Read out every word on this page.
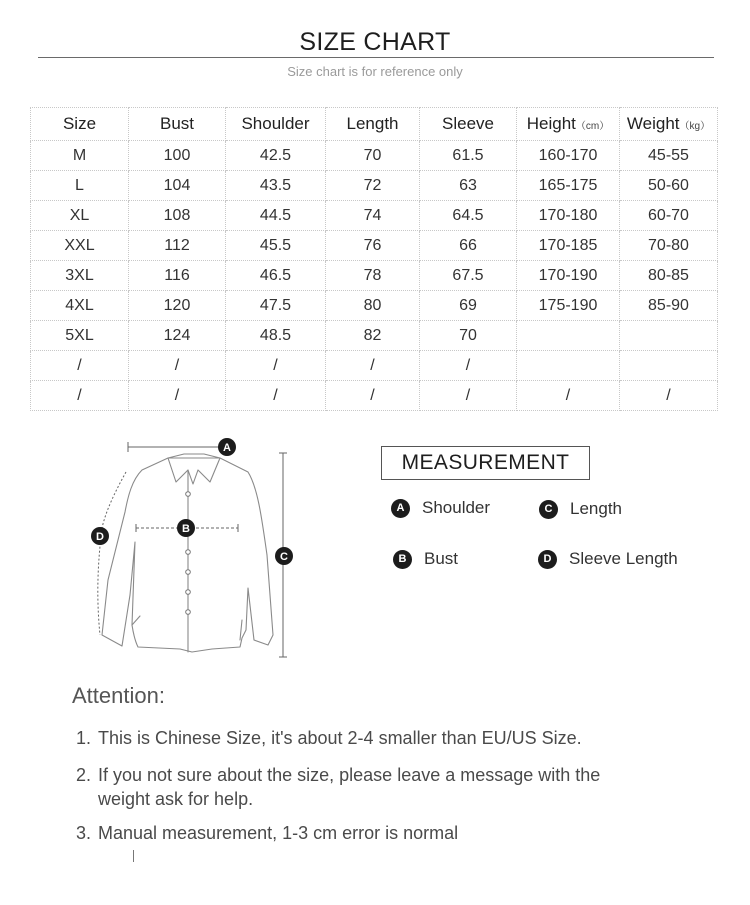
SIZE CHART
Size chart is for reference only
Size	Bust	Shoulder	Length	Sleeve	Height（cm）	Weight（kg）
M	100	42.5	70	61.5	160-170	45-55
L	104	43.5	72	63	165-175	50-60
XL	108	44.5	74	64.5	170-180	60-70
XXL	112	45.5	76	66	170-185	70-80
3XL	116	46.5	78	67.5	170-190	80-85
4XL	120	47.5	80	69	175-190	85-90
5XL	124	48.5	82	70		
/	/	/	/	/		
/	/	/	/	/	/	/
A
B
C
D
MEASUREMENT
A	Shoulder	C	Length
B	Bust	D	Sleeve Length
Attention:
1. This is Chinese Size, it's about 2-4 smaller than EU/US Size.
2. If you not sure about the size, please leave a message with the
weight ask for help.
3. Manual measurement, 1-3 cm error is normal
